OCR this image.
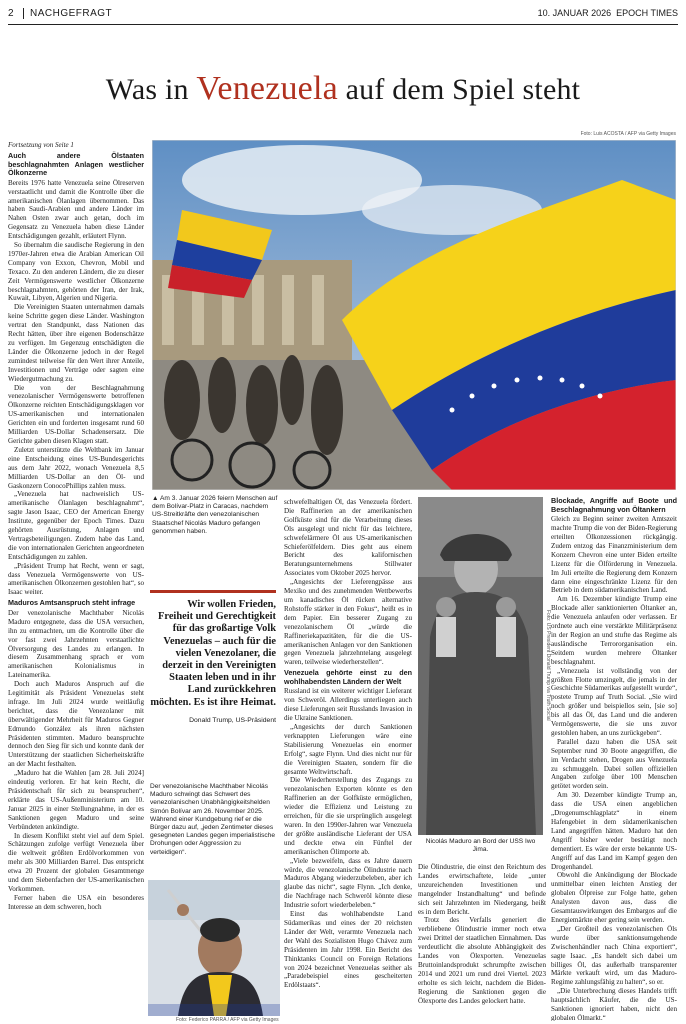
2 NACHGEFRAGT	10. JANUAR 2026 EPOCH TIMES
Was in Venezuela auf dem Spiel steht
Foto: Luis ACOSTA / AFP via Getty Images

Fortsetzung von Seite 1

Auch andere Ölstaaten beschlagnahmten Anlagen westlicher Ölkonzerne

Bereits 1976 hatte Venezuela seine Ölreserven verstaatlicht und damit die Kontrolle über die amerikanischen Ölanlagen übernommen. Das haben Saudi-Arabien und andere Länder im Nahen Osten zwar auch getan, doch im Gegensatz zu Venezuela haben diese Länder Entschädigungen gezahlt, erläutert Flynn.

So übernahm die saudische Regierung in den 1970er-Jahren etwa die Arabian American Oil Company von Exxon, Chevron, Mobil und Texaco. Zu den anderen Ländern, die zu dieser Zeit Vermögenswerte westlicher Ölkonzerne beschlagnahmten, gehörten der Iran, der Irak, Kuwait, Libyen, Algerien und Nigeria.

Die Vereinigten Staaten unternahmen damals keine Schritte gegen diese Länder. Washington vertrat den Standpunkt, dass Nationen das Recht hätten, über ihre eigenen Bodenschätze zu verfügen. Im Gegenzug entschädigten die Länder die Ölkonzerne jedoch in der Regel zumindest teilweise für den Wert ihrer Anteile, Investitionen und Verträge oder sagten eine Wiedergutmachung zu.

Die von der Beschlagnahmung venezolanischer Vermögenswerte betroffenen Ölkonzerne reichten Entschädigungsklagen vor US-amerikanischen und internationalen Gerichten ein und forderten insgesamt rund 60 Milliarden US-Dollar Schadensersatz. Die Gerichte gaben diesen Klagen statt.

Zuletzt unterstützte die Weltbank im Januar eine Entscheidung eines US-Bundesgerichts aus dem Jahr 2022, wonach Venezuela 8,5 Milliarden US-Dollar an den Öl- und Gaskonzern ConocoPhillips zahlen muss.

„Venezuela hat nachweislich US-amerikanische Ölanlagen beschlagnahmt“, sagte Jason Isaac, CEO der American Energy Institute, gegenüber der Epoch Times. Dazu gehörten Ausrüstung, Anlagen und Vertragsbeteiligungen. Zudem habe das Land, die von internationalen Gerichten angeordneten Entschädigungen zu zahlen.

„Präsident Trump hat Recht, wenn er sagt, dass Venezuela Vermögenswerte von US-amerikanischen Ölkonzernen gestohlen hat“, so Isaac weiter.

Maduros Amtsanspruch steht infrage

Der venezolanische Machthaber Nicolás Maduro entgegnete, dass die USA versuchen, ihn zu entmachten, um die Kontrolle über die vor fast zwei Jahrzehnten verstaatlichte Ölversorgung des Landes zu erlangen. In diesem Zusammenhang sprach er vom amerikanischen Kolonialismus in Lateinamerika.

Doch auch Maduros Anspruch auf die Legitimität als Präsident Venezuelas steht infrage. Im Juli 2024 wurde weitläufig berichtet, dass die Venezolaner mit überwältigender Mehrheit für Maduros Gegner Edmundo González als ihren nächsten Präsidenten stimmten. Maduro beanspruchte dennoch den Sieg für sich und konnte dank der Unterstützung der staatlichen Sicherheitskräfte an der Macht festhalten.

„Maduro hat die Wahlen [am 28. Juli 2024] eindeutig verloren. Er hat kein Recht, die Präsidentschaft für sich zu beanspruchen“, erklärte das US-Außenministerium am 10. Januar 2025 in einer Stellungnahme, in der es Sanktionen gegen Maduro und seine Verbündeten ankündigte.

In diesem Konflikt steht viel auf dem Spiel. Schätzungen zufolge verfügt Venezuela über die weltweit größten Erdölvorkommen von mehr als 300 Milliarden Barrel. Das entspricht etwa 20 Prozent der globalen Gesamtmenge und dem Siebenfachen der US-amerikanischen Vorkommen.

Ferner haben die USA ein besonderes Interesse an dem schweren, hoch

▲ Am 3. Januar 2026 feiern Menschen auf dem Bolívar-Platz in Caracas, nachdem US-Streitkräfte den venezolanischen Staatschef Nicolás Maduro gefangen genommen haben.
Wir wollen Frieden, Freiheit und Gerechtigkeit für das großartige Volk Venezuelas – auch für die vielen Venezolaner, die derzeit in den Vereinigten Staaten leben und in ihr Land zurückkehren möchten. Es ist ihre Heimat.
Donald Trump, US-Präsident
Der venezolanische Machthaber Nicolás Maduro schwingt das Schwert des venezolanischen Unabhängigkeitshelden Simón Bolívar am 26. November 2025. Während einer Kundgebung rief er die Bürger dazu auf, „jeden Zentimeter dieses gesegneten Landes gegen imperialistische Drohungen oder Aggression zu verteidigen“.
Foto: Federico PARRA / AFP via Getty Images

schwefelhaltigen Öl, das Venezuela fördert. Die Raffinerien an der amerikanischen Golfküste sind für die Verarbeitung dieses Öls ausgelegt und nicht für das leichtere, schwefelärmere Öl aus US-amerikanischen Schieferölfeldern. Dies geht aus einem Bericht des kalifornischen Beratungsunternehmens Stillwater Associates vom Oktober 2025 hervor.

„Angesichts der Lieferengpässe aus Mexiko und des zunehmenden Wettbewerbs um kanadisches Öl rücken alternative Rohstoffe stärker in den Fokus“, heißt es in dem Papier. Ein besserer Zugang zu venezolanischem Öl „würde die Raffineriekapazitäten, für die die US-amerikanischen Anlagen vor den Sanktionen gegen Venezuela jahrzehntelang ausgelegt waren, teilweise wiederherstellen“.

Venezuela gehörte einst zu den wohlhabendsten Ländern der Welt

Russland ist ein weiterer wichtiger Lieferant von Schweröl. Allerdings unterliegen auch diese Lieferungen seit Russlands Invasion in die Ukraine Sanktionen.

„Angesichts der durch Sanktionen verknappten Lieferungen wäre eine Stabilisierung Venezuelas ein enormer Erfolg“, sagte Flynn. Und dies nicht nur für die Vereinigten Staaten, sondern für die gesamte Weltwirtschaft.

Die Wiederherstellung des Zugangs zu venezolanischen Exporten könnte es den Raffinerien an der Golfküste ermöglichen, wieder die Effizienz und Leistung zu erreichen, für die sie ursprünglich ausgelegt waren. In den 1990er-Jahren war Venezuela der größte ausländische Lieferant der USA und deckte etwa ein Fünftel der amerikanischen Ölimporte ab.

„Viele bezweifeln, dass es Jahre dauern würde, die venezolanische Ölindustrie nach Maduros Abgang wiederzubeleben, aber ich glaube das nicht“, sagte Flynn. „Ich denke, die Nachfrage nach Schweröl könnte diese Industrie sofort wiederbeleben.“

Einst das wohlhabendste Land Südamerikas und eines der 20 reichsten Länder der Welt, verarmte Venezuela nach der Wahl des Sozialisten Hugo Chávez zum Präsidenten im Jahr 1998. Ein Bericht des Thinktanks Council on Foreign Relations von 2024 bezeichnet Venezuelas seither als „Paradebeispiel eines gescheiterten Erdölstaats“.

Foto: US President Donald Trump via Truth Social
Nicolás Maduro an Bord der USS Iwo Jima.

Die Ölindustrie, die einst den Reichtum des Landes erwirtschaftete, leide „unter unzureichenden Investitionen und mangelnder Instandhaltung“ und befinde sich seit Jahrzehnten im Niedergang, heißt es in dem Bericht.

Trotz des Verfalls generiert die verbliebene Ölindustrie immer noch etwa zwei Drittel der staatlichen Einnahmen. Das verdeutlicht die absolute Abhängigkeit des Landes von Ölexporten. Venezuelas Bruttoinlandsprodukt schrumpfte zwischen 2014 und 2021 um rund drei Viertel. 2023 erholte es sich leicht, nachdem die Biden-Regierung die Sanktionen gegen die Ölexporte des Landes gelockert hatte.

Blockade, Angriffe auf Boote und Beschlagnahmung von Öltankern

Gleich zu Beginn seiner zweiten Amtszeit machte Trump die von der Biden-Regierung erteilten Ölkonzessionen rückgängig. Zudem entzog das Finanzministerium dem Konzern Chevron eine unter Biden erteilte Lizenz für die Ölförderung in Venezuela. Im Juli erteilte die Regierung dem Konzern dann eine eingeschränkte Lizenz für den Betrieb in dem südamerikanischen Land.

Am 16. Dezember kündigte Trump eine Blockade aller sanktionierten Öltanker an, die Venezuela anlaufen oder verlassen. Er ordnete auch eine verstärkte Militärpräsenz in der Region an und stufte das Regime als ausländische Terrororganisation ein. Seitdem wurden mehrere Öltanker beschlagnahmt.

„Venezuela ist vollständig von der größten Flotte umzingelt, die jemals in der Geschichte Südamerikas aufgestellt wurde“, postete Trump auf Truth Social. „Sie wird noch größer und beispiellos sein, [sie so] bis all das Öl, das Land und die anderen Vermögenswerte, die sie uns zuvor gestohlen haben, an uns zurückgeben“.

Parallel dazu haben die USA seit September rund 30 Boote angegriffen, die im Verdacht stehen, Drogen aus Venezuela zu schmuggeln. Dabei sollen offiziellen Angaben zufolge über 100 Menschen getötet worden sein.

Am 30. Dezember kündigte Trump an, dass die USA einen angeblichen „Drogenumschlagplatz“ in einem Hafengebiet in dem südamerikanischen Land angegriffen hätten. Maduro hat den Angriff bisher weder bestätigt noch dementiert. Es wäre der erste bekannte US-Angriff auf das Land im Kampf gegen den Drogenhandel.

Obwohl die Ankündigung der Blockade unmittelbar einen leichten Anstieg der globalen Ölpreise zur Folge hatte, gehen Analysten davon aus, dass die Gesamtauswirkungen des Embargos auf die Energiemärkte eher gering sein werden.

„Der Großteil des venezolanischen Öls wurde über sanktionsumgehende Zwischenhändler nach China exportiert“, sagte Isaac. „Es handelt sich dabei um billiges Öl, das außerhalb transparenter Märkte verkauft wird, um das Maduro-Regime zahlungsfähig zu halten“, so er.

„Die Unterbrechung dieses Handels trifft hauptsächlich Käufer, die die US-Sanktionen ignoriert haben, nicht den globalen Ölmarkt.“
